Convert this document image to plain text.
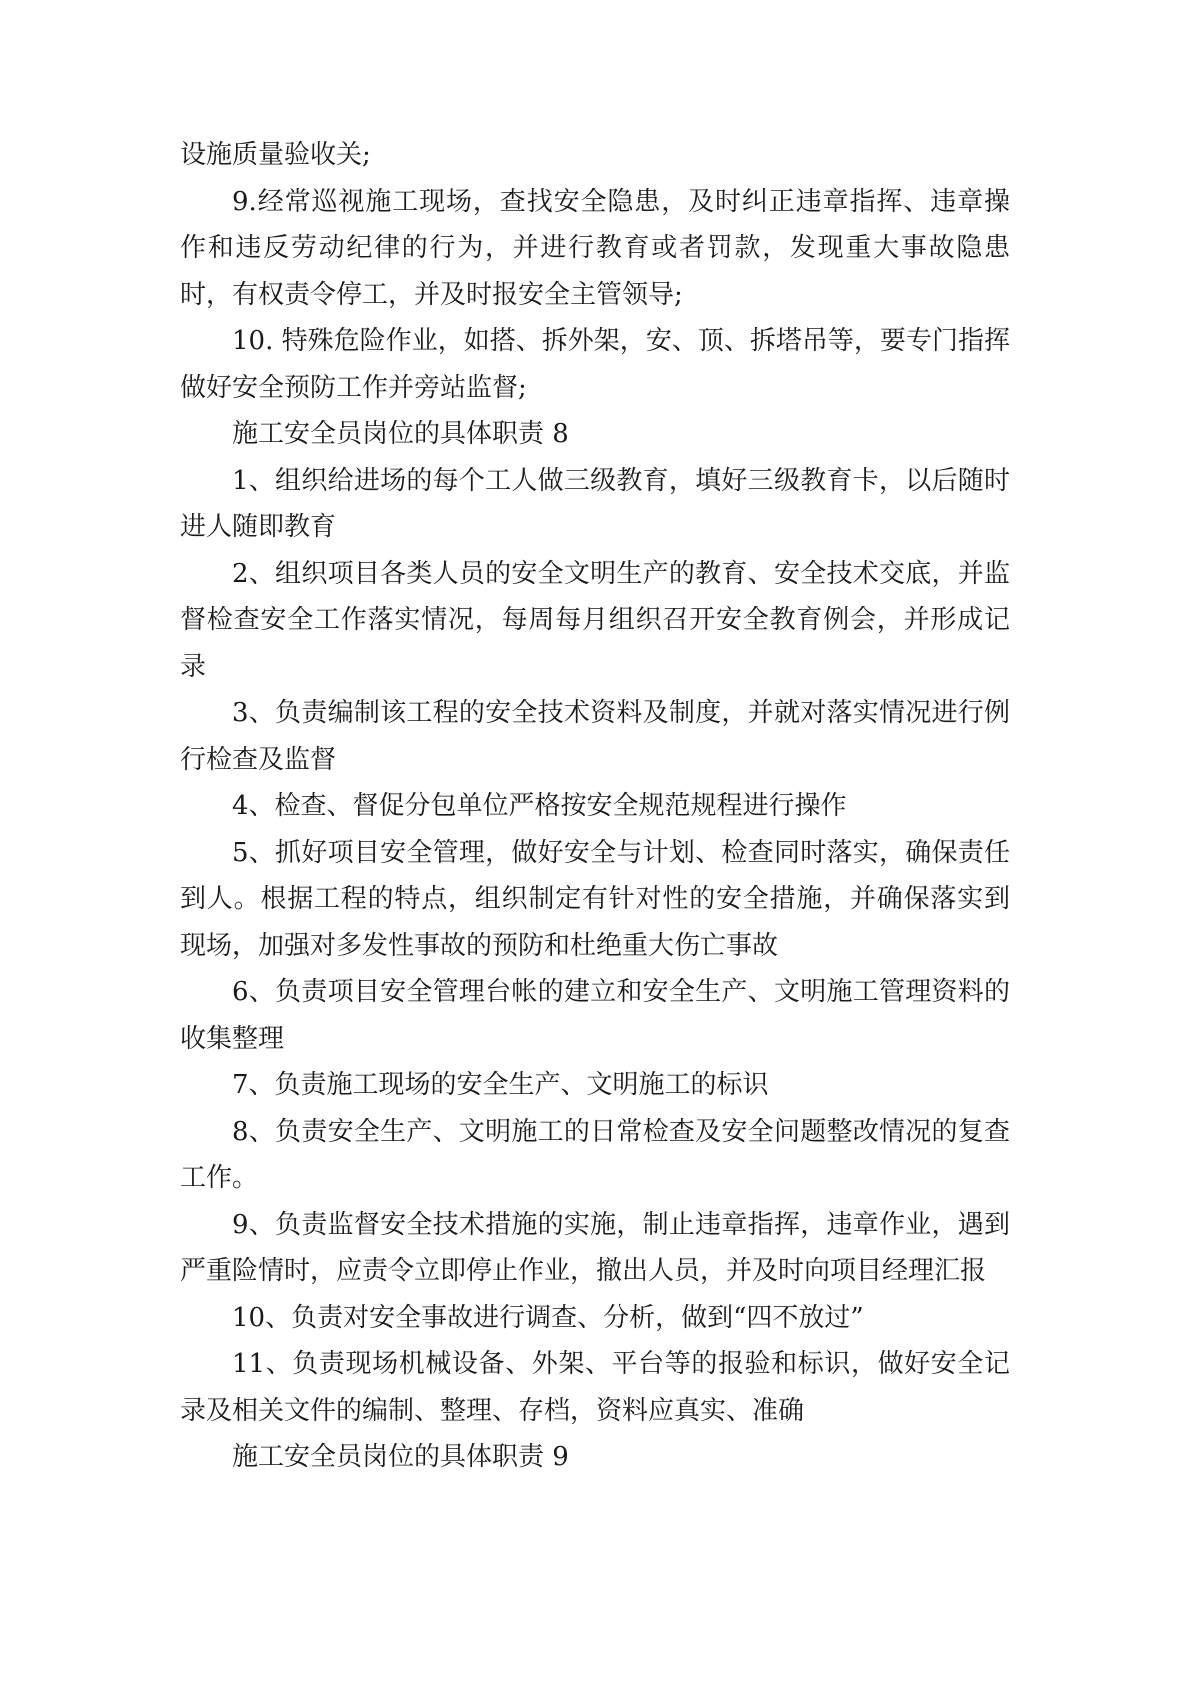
设施质量验收关;

9.经常巡视施工现场，查找安全隐患，及时纠正违章指挥、违章操作和违反劳动纪律的行为，并进行教育或者罚款，发现重大事故隐患时，有权责令停工，并及时报安全主管领导;

10. 特殊危险作业，如搭、拆外架，安、顶、拆塔吊等，要专门指挥做好安全预防工作并旁站监督;

施工安全员岗位的具体职责 8

1、组织给进场的每个工人做三级教育，填好三级教育卡，以后随时进人随即教育

2、组织项目各类人员的安全文明生产的教育、安全技术交底，并监督检查安全工作落实情况，每周每月组织召开安全教育例会，并形成记录

3、负责编制该工程的安全技术资料及制度，并就对落实情况进行例行检查及监督

4、检查、督促分包单位严格按安全规范规程进行操作

5、抓好项目安全管理，做好安全与计划、检查同时落实，确保责任到人。根据工程的特点，组织制定有针对性的安全措施，并确保落实到现场，加强对多发性事故的预防和杜绝重大伤亡事故

6、负责项目安全管理台帐的建立和安全生产、文明施工管理资料的收集整理

7、负责施工现场的安全生产、文明施工的标识

8、负责安全生产、文明施工的日常检查及安全问题整改情况的复查工作。

9、负责监督安全技术措施的实施，制止违章指挥，违章作业，遇到严重险情时，应责令立即停止作业，撤出人员，并及时向项目经理汇报

10、负责对安全事故进行调查、分析，做到“四不放过”

11、负责现场机械设备、外架、平台等的报验和标识，做好安全记录及相关文件的编制、整理、存档，资料应真实、准确

施工安全员岗位的具体职责 9
